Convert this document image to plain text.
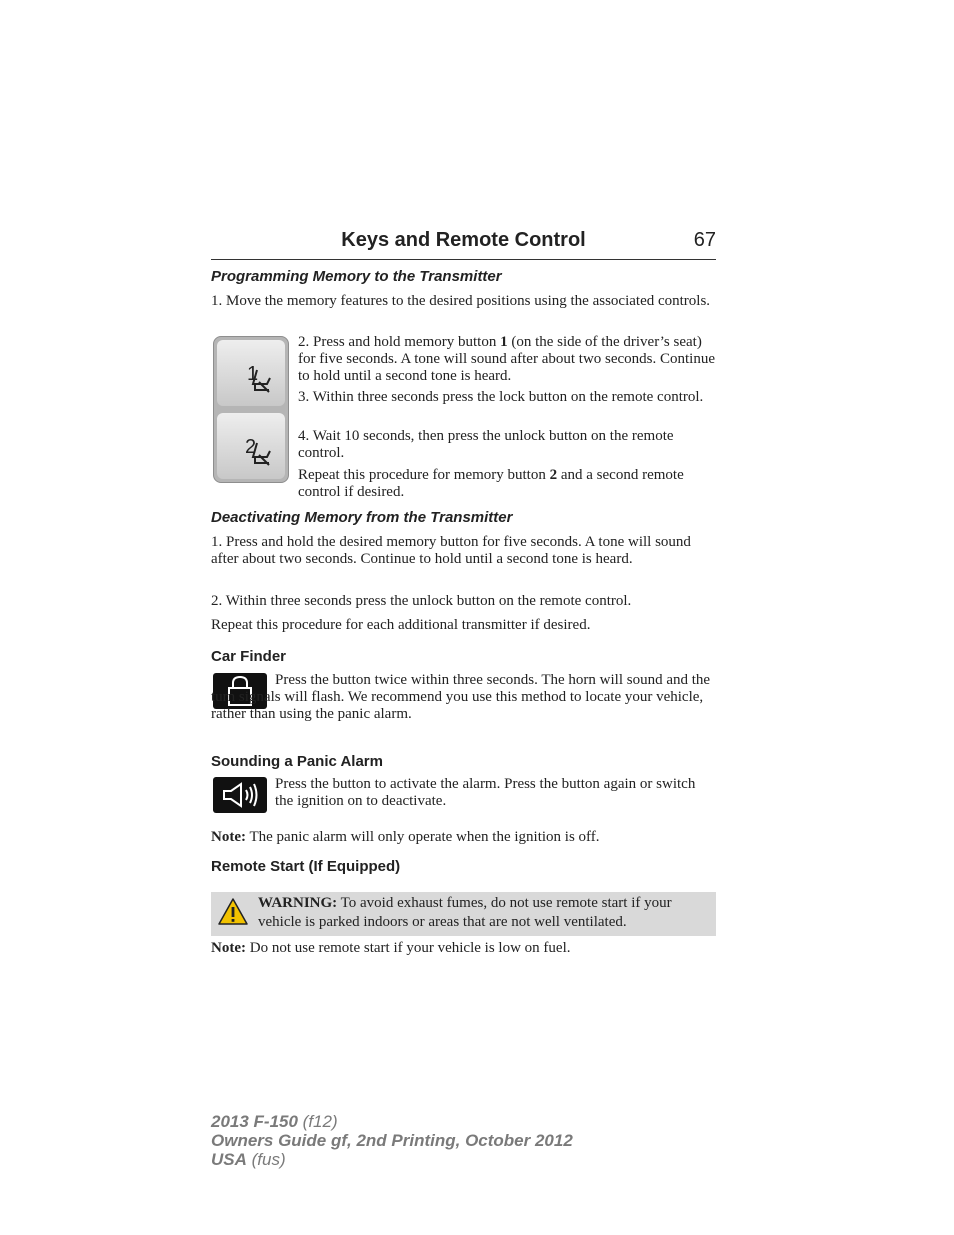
Keys and Remote Control	67
Programming Memory to the Transmitter

1. Move the memory features to the desired positions using the associated controls.

1
2

2. Press and hold memory button 1 (on the side of the driver’s seat) for five seconds. A tone will sound after about two seconds. Continue to hold until a second tone is heard.

3. Within three seconds press the lock button on the remote control.

4. Wait 10 seconds, then press the unlock button on the remote control.

Repeat this procedure for memory button 2 and a second remote control if desired.

Deactivating Memory from the Transmitter

1. Press and hold the desired memory button for five seconds. A tone will sound after about two seconds. Continue to hold until a second tone is heard.

2. Within three seconds press the unlock button on the remote control.

Repeat this procedure for each additional transmitter if desired.

Car Finder

Press the button twice within three seconds. The horn will sound and the turn signals will flash. We recommend you use this method to locate your vehicle, rather than using the panic alarm.

Sounding a Panic Alarm

Press the button to activate the alarm. Press the button again or switch the ignition on to deactivate.

Note: The panic alarm will only operate when the ignition is off.

Remote Start (If Equipped)

WARNING: To avoid exhaust fumes, do not use remote start if your vehicle is parked indoors or areas that are not well ventilated.

Note: Do not use remote start if your vehicle is low on fuel.

2013 F-150 (f12)
Owners Guide gf, 2nd Printing, October 2012
USA (fus)
